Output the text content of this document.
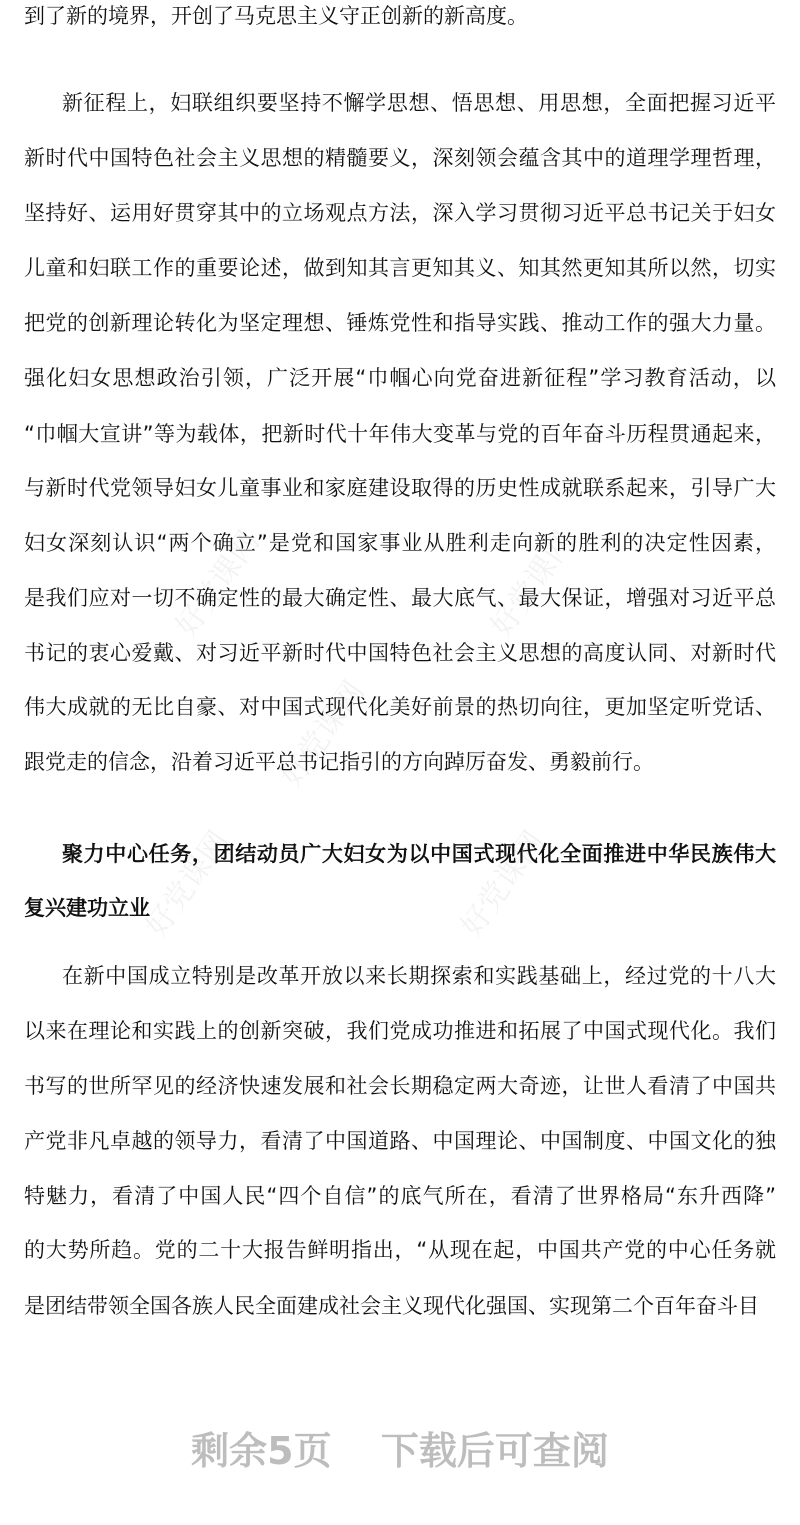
好党课网	好党课网
好党课网
好党课网	好党课网
到了新的境界，开创了马克思主义守正创新的新高度。
新征程上，妇联组织要坚持不懈学思想、悟思想、用思想，全面把握习近平
新时代中国特色社会主义思想的精髓要义，深刻领会蕴含其中的道理学理哲理，
坚持好、运用好贯穿其中的立场观点方法，深入学习贯彻习近平总书记关于妇女
儿童和妇联工作的重要论述，做到知其言更知其义、知其然更知其所以然，切实
把党的创新理论转化为坚定理想、锤炼党性和指导实践、推动工作的强大力量。
强化妇女思想政治引领，广泛开展“巾帼心向党奋进新征程”学习教育活动，以
“巾帼大宣讲”等为载体，把新时代十年伟大变革与党的百年奋斗历程贯通起来，
与新时代党领导妇女儿童事业和家庭建设取得的历史性成就联系起来，引导广大
妇女深刻认识“两个确立”是党和国家事业从胜利走向新的胜利的决定性因素，
是我们应对一切不确定性的最大确定性、最大底气、最大保证，增强对习近平总
书记的衷心爱戴、对习近平新时代中国特色社会主义思想的高度认同、对新时代
伟大成就的无比自豪、对中国式现代化美好前景的热切向往，更加坚定听党话、
跟党走的信念，沿着习近平总书记指引的方向踔厉奋发、勇毅前行。
聚力中心任务，团结动员广大妇女为以中国式现代化全面推进中华民族伟大
复兴建功立业
在新中国成立特别是改革开放以来长期探索和实践基础上，经过党的十八大
以来在理论和实践上的创新突破，我们党成功推进和拓展了中国式现代化。我们
书写的世所罕见的经济快速发展和社会长期稳定两大奇迹，让世人看清了中国共
产党非凡卓越的领导力，看清了中国道路、中国理论、中国制度、中国文化的独
特魅力，看清了中国人民“四个自信”的底气所在，看清了世界格局“东升西降”
的大势所趋。党的二十大报告鲜明指出，“从现在起，中国共产党的中心任务就
是团结带领全国各族人民全面建成社会主义现代化强国、实现第二个百年奋斗目
剩余5页 下载后可查阅
